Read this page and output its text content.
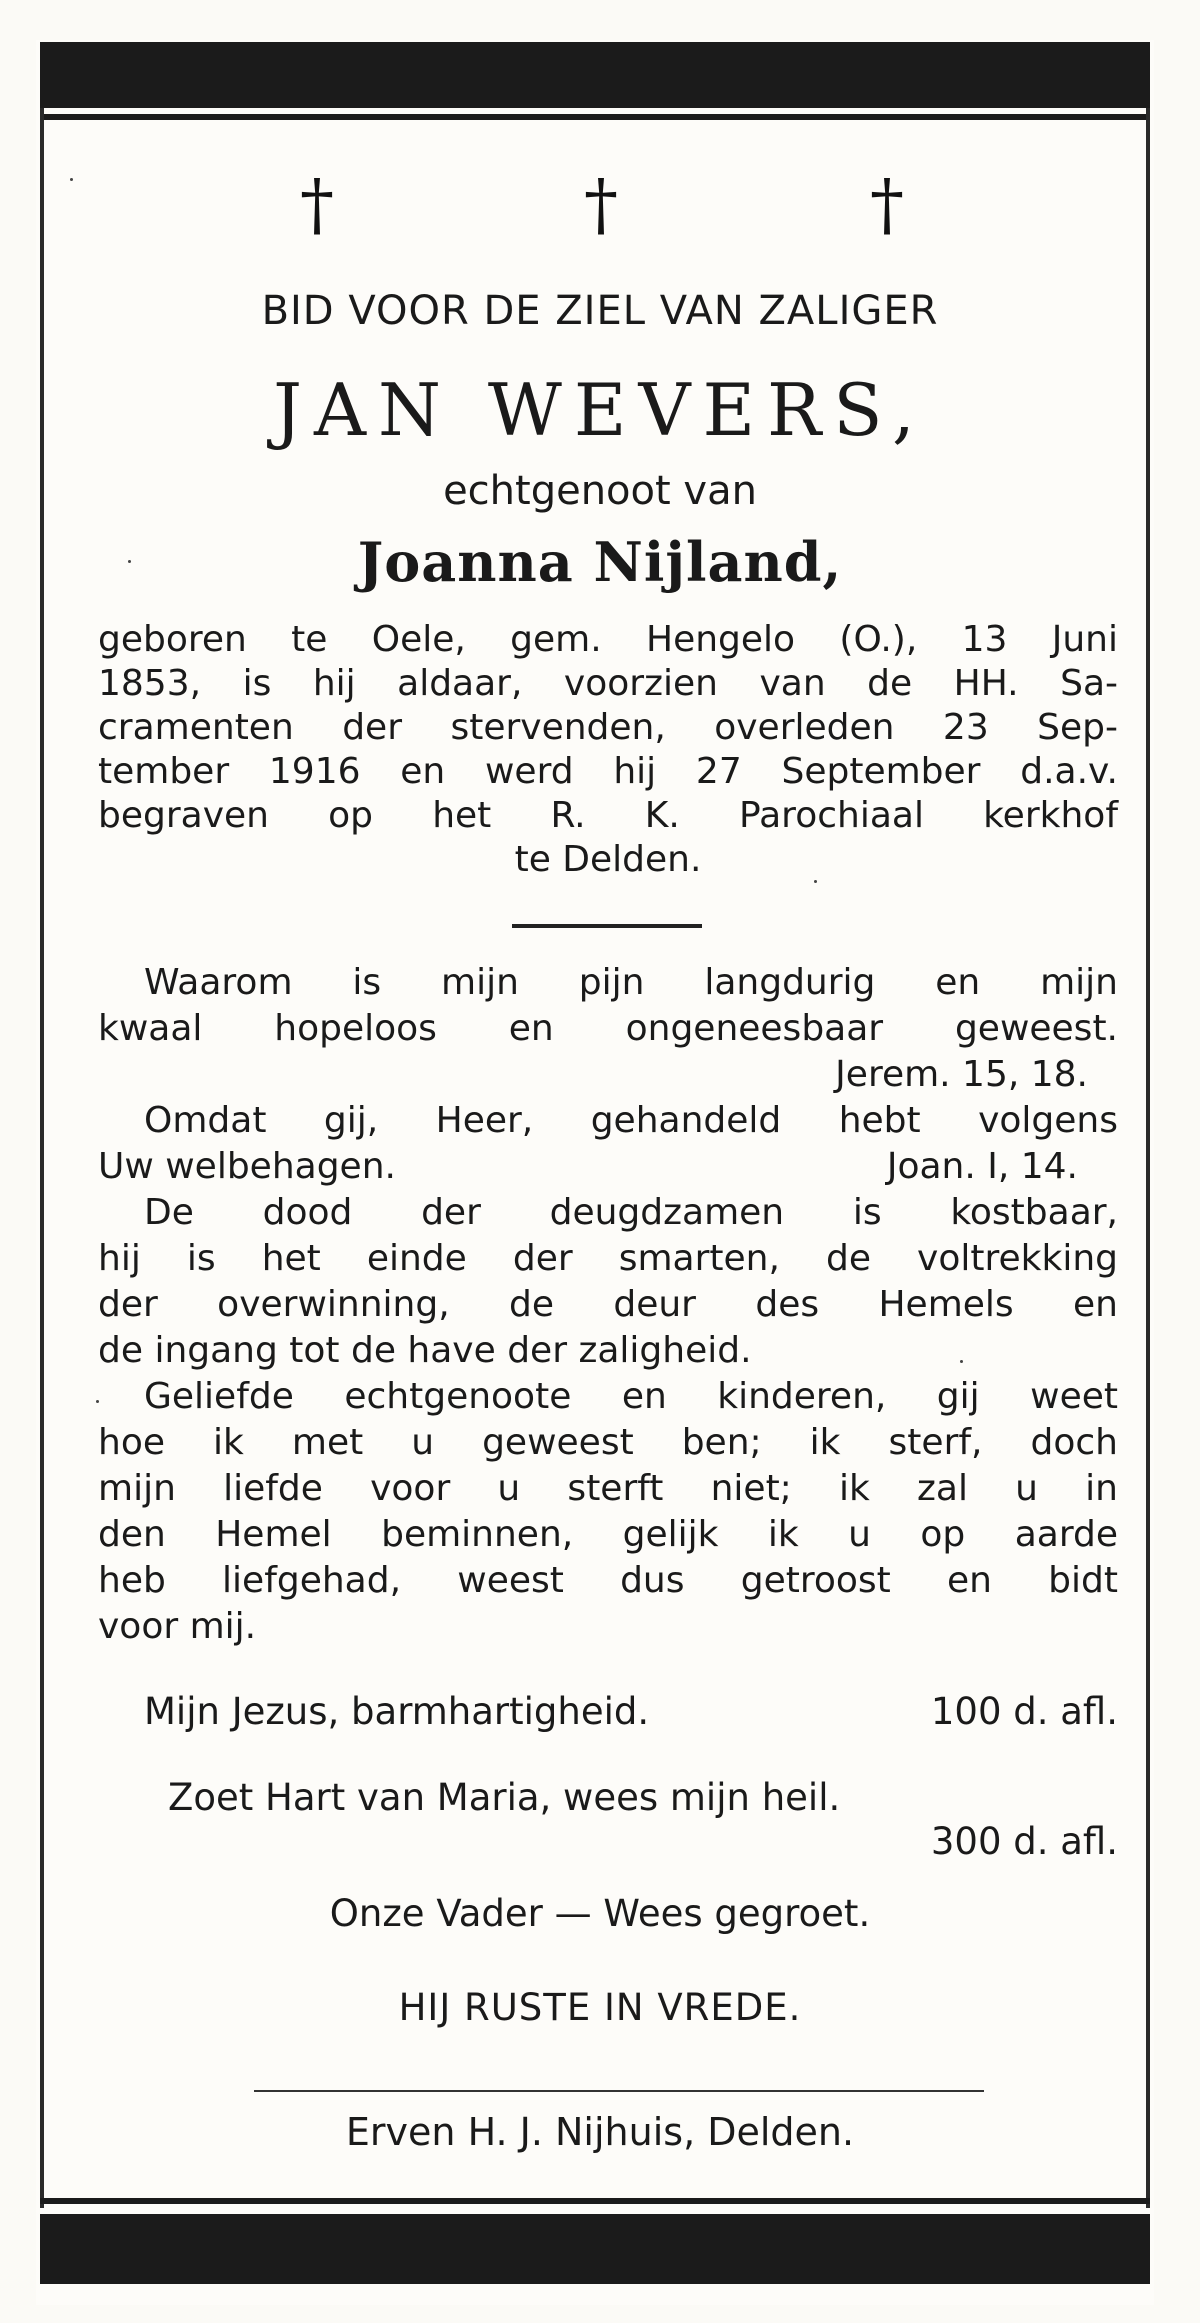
†	†	†
BID VOOR DE ZIEL VAN ZALIGER
JAN WEVERS,
echtgenoot van
Joanna Nijland,
geboren te Oele, gem. Hengelo (O.), 13 Juni
1853, is hij aldaar, voorzien van de HH. Sa-
cramenten der stervenden, overleden 23 Sep-
tember 1916 en werd hij 27 September d.a.v.
begraven op het R. K. Parochiaal kerkhof
te Delden.
Waarom is mijn pijn langdurig en mijn
kwaal hopeloos en ongeneesbaar geweest.
Jerem. 15, 18.
Omdat gij, Heer, gehandeld hebt volgens
Uw welbehagen.	Joan. I, 14.
De dood der deugdzamen is kostbaar,
hij is het einde der smarten, de voltrekking
der overwinning, de deur des Hemels en
de ingang tot de have der zaligheid.
Geliefde echtgenoote en kinderen, gij weet
hoe ik met u geweest ben; ik sterf, doch
mijn liefde voor u sterft niet; ik zal u in
den Hemel beminnen, gelijk ik u op aarde
heb liefgehad, weest dus getroost en bidt
voor mij.
Mijn Jezus, barmhartigheid.	100 d. afl.
Zoet Hart van Maria, wees mijn heil.
300 d. afl.
Onze Vader — Wees gegroet.
HIJ RUSTE IN VREDE.
Erven H. J. Nijhuis, Delden.
